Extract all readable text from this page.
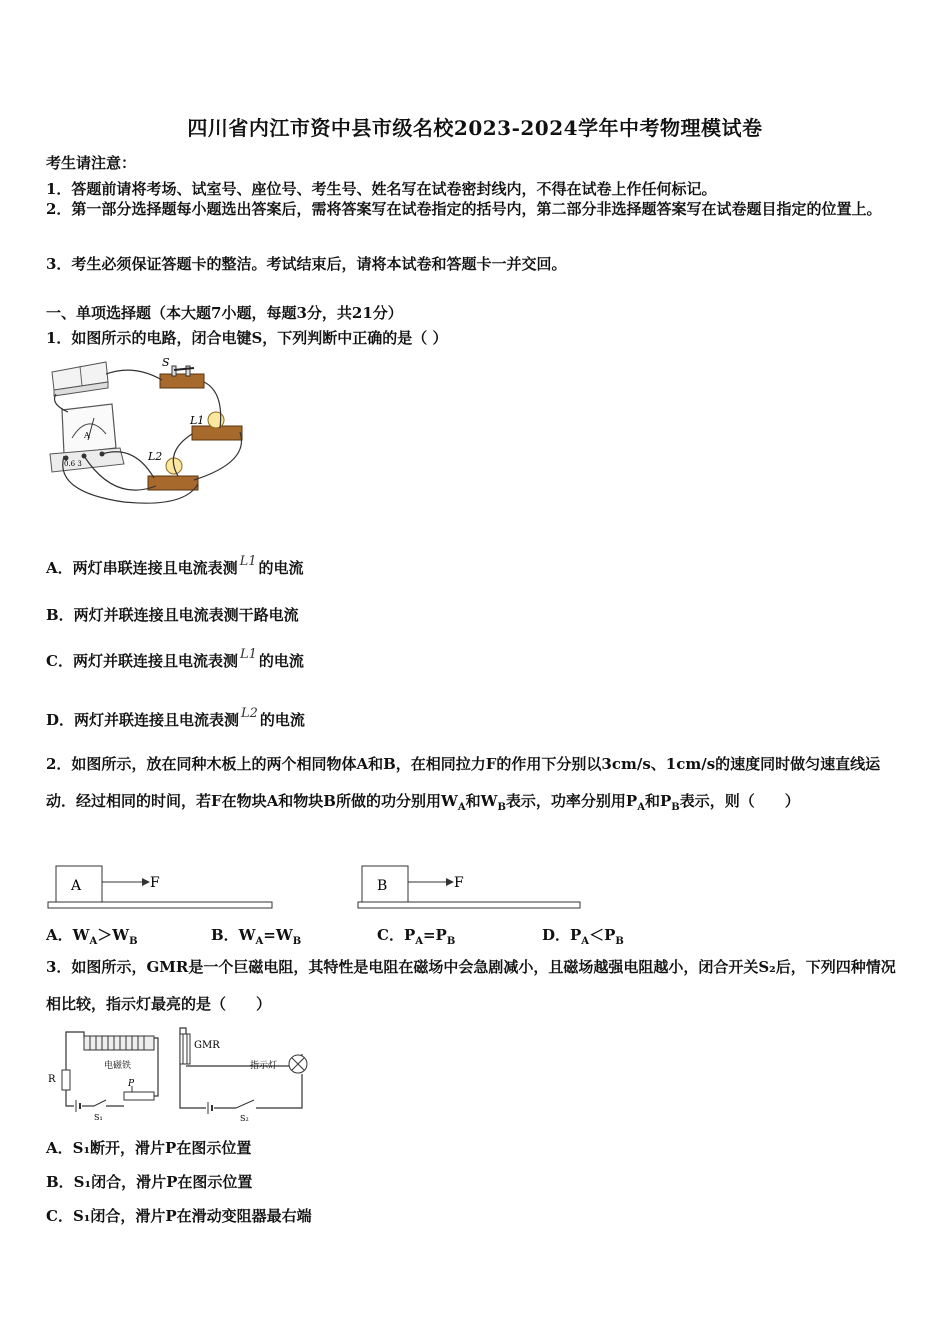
四川省内江市资中县市级名校2023-2024学年中考物理模试卷
考生请注意：
1．答题前请将考场、试室号、座位号、考生号、姓名写在试卷密封线内，不得在试卷上作任何标记。
2．第一部分选择题每小题选出答案后，需将答案写在试卷指定的括号内，第二部分非选择题答案写在试卷题目指定的位置上。
3．考生必须保证答题卡的整洁。考试结束后，请将本试卷和答题卡一并交回。
一、单项选择题（本大题7小题，每题3分，共21分）
1．如图所示的电路，闭合电键S，下列判断中正确的是（ ）
A
0.6 3
S
L1
L2
A．两灯串联连接且电流表测 L1 的电流
B．两灯并联连接且电流表测干路电流
C．两灯并联连接且电流表测 L1 的电流
D．两灯并联连接且电流表测 L2 的电流
2．如图所示，放在同种木板上的两个相同物体A和B，在相同拉力F的作用下分别以3cm/s、1cm/s的速度同时做匀速直线运动．经过相同的时间，若F在物块A和物块B所做的功分别用$W_A$和$W_B$表示，功率分别用$P_A$和$P_B$表示，则（　　）
A	F	B	F
A．$W_A>W_B$	B．$W_A=W_B$	C．$P_A=P_B$	D．$P_A<P_B$
3．如图所示，GMR是一个巨磁电阻，其特性是电阻在磁场中会急剧减小，且磁场越强电阻越小，闭合开关S₂后，下列四种情况相比较，指示灯最亮的是（　　）
电磁铁
R
S₁
P
GMR
指示灯
S₂
A．S₁断开，滑片P在图示位置
B．S₁闭合，滑片P在图示位置
C．S₁闭合，滑片P在滑动变阻器最右端
